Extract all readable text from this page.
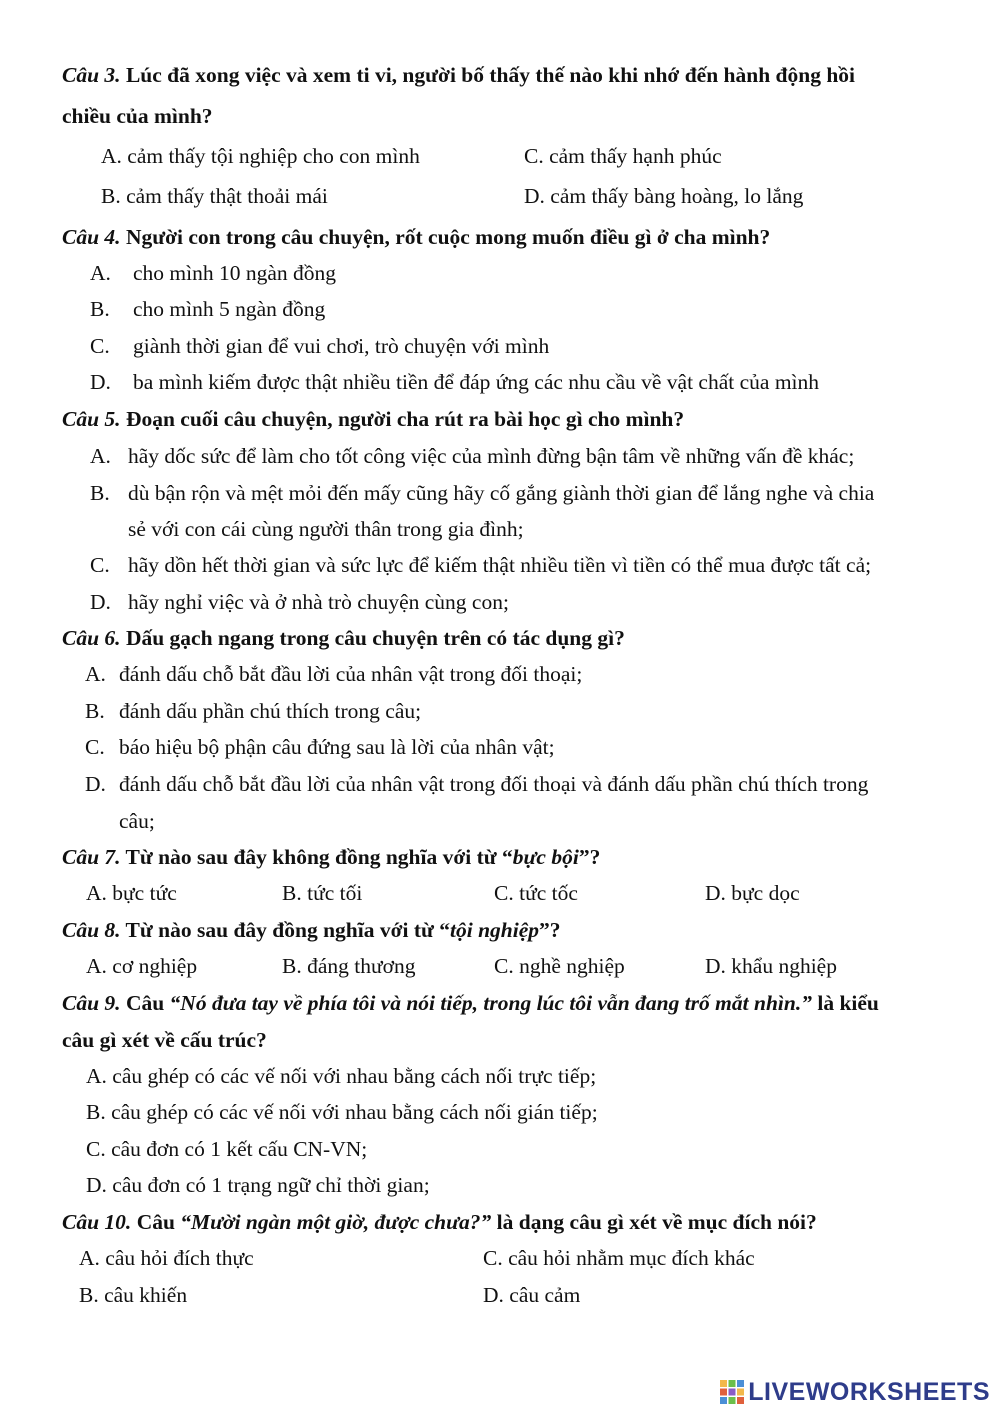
Câu 3. Lúc đã xong việc và xem ti vi, người bố thấy thế nào khi nhớ đến hành động hồi
chiều của mình?
A. cảm thấy tội nghiệp cho con mình	C. cảm thấy hạnh phúc
B. cảm thấy thật thoải mái	D. cảm thấy bàng hoàng, lo lắng
Câu 4. Người con trong câu chuyện, rốt cuộc mong muốn điều gì ở cha mình?
A. cho mình 10 ngàn đồng
B. cho mình 5 ngàn đồng
C. giành thời gian để vui chơi, trò chuyện với mình
D. ba mình kiếm được thật nhiều tiền để đáp ứng các nhu cầu về vật chất của mình
Câu 5. Đoạn cuối câu chuyện, người cha rút ra bài học gì cho mình?
A. hãy dốc sức để làm cho tốt công việc của mình đừng bận tâm về những vấn đề khác;
B. dù bận rộn và mệt mỏi đến mấy cũng hãy cố gắng giành thời gian để lắng nghe và chia
sẻ với con cái cùng người thân trong gia đình;
C. hãy dồn hết thời gian và sức lực để kiếm thật nhiều tiền vì tiền có thể mua được tất cả;
D. hãy nghỉ việc và ở nhà trò chuyện cùng con;
Câu 6. Dấu gạch ngang trong câu chuyện trên có tác dụng gì?
A. đánh dấu chỗ bắt đầu lời của nhân vật trong đối thoại;
B. đánh dấu phần chú thích trong câu;
C. báo hiệu bộ phận câu đứng sau là lời của nhân vật;
D. đánh dấu chỗ bắt đầu lời của nhân vật trong đối thoại và đánh dấu phần chú thích trong
câu;
Câu 7. Từ nào sau đây không đồng nghĩa với từ “bực bội”?
A. bực tức	B. tức tối	C. tức tốc	D. bực dọc
Câu 8. Từ nào sau đây đồng nghĩa với từ “tội nghiệp”?
A. cơ nghiệp	B. đáng thương	C. nghề nghiệp	D. khẩu nghiệp
Câu 9. Câu “Nó đưa tay về phía tôi và nói tiếp, trong lúc tôi vẫn đang trố mắt nhìn.” là kiểu
câu gì xét về cấu trúc?
A. câu ghép có các vế nối với nhau bằng cách nối trực tiếp;
B. câu ghép có các vế nối với nhau bằng cách nối gián tiếp;
C. câu đơn có 1 kết cấu CN-VN;
D. câu đơn có 1 trạng ngữ chỉ thời gian;
Câu 10. Câu “Mười ngàn một giờ, được chưa?” là dạng câu gì xét về mục đích nói?
A. câu hỏi đích thực	C. câu hỏi nhằm mục đích khác
B. câu khiến	D. câu cảm
LIVEWORKSHEETS
